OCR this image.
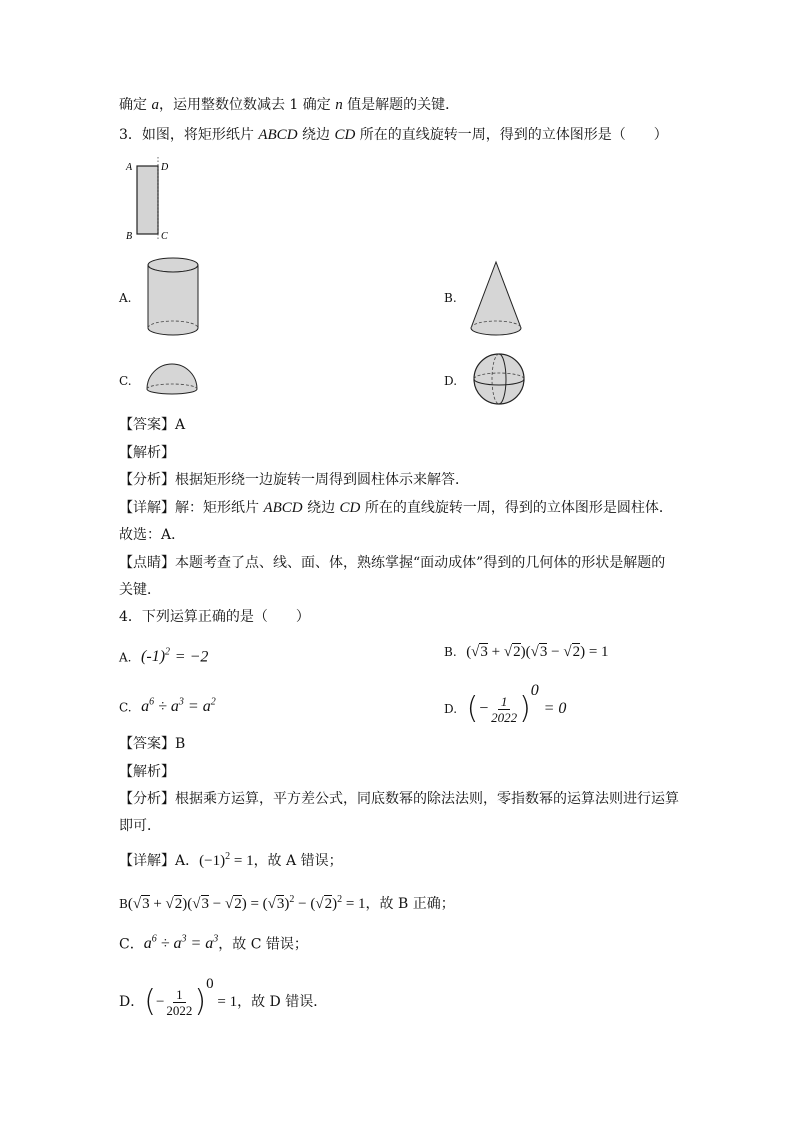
确定 a，运用整数位数减去 1 确定 n 值是解题的关键．
3．如图，将矩形纸片 ABCD 绕边 CD 所在的直线旋转一周，得到的立体图形是（　　）
A	D
B	C
A.	B.
C.	D.
【答案】A
【解析】
【分析】根据矩形绕一边旋转一周得到圆柱体示来解答．
【详解】解：矩形纸片 ABCD 绕边 CD 所在的直线旋转一周，得到的立体图形是圆柱体．
故选：A．
【点睛】本题考查了点、线、面、体，熟练掌握“面动成体”得到的几何体的形状是解题的
关键．
4．下列运算正确的是（　　）
A. $(-1)^2 = -2$	B. (√3 + √2)(√3 − √2) = 1
C. $a^6 \div a^3 = a^2$	D. (− $\frac{1}{2022} )^0 = 0$
【答案】B
【解析】
【分析】根据乘方运算，平方差公式，同底数幂的除法法则，零指数幂的运算法则进行运算
即可．
【详解】A．$(-1)^2 = 1$，故 A 错误；
$B(√3 + √2)(√3 - √2) = (√3)^2 - (√2)^2 = 1$，故 B 正确；
C．$a^6 \div a^3 = a^3$，故 C 错误；
D．(− $\frac{1}{2022} )^0 = 1$，故 D 错误．
